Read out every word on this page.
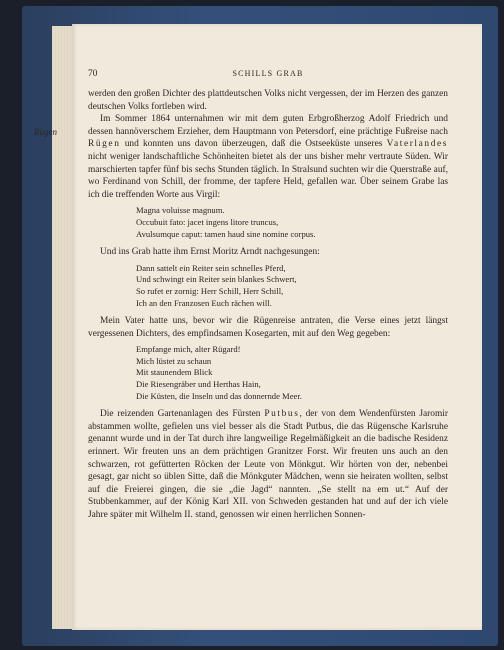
Rügen
70	SCHILLS GRAB

werden den großen Dichter des plattdeutschen Volks nicht vergessen, der im Herzen des ganzen deutschen Volks fortleben wird.

Im Sommer 1864 unternahmen wir mit dem guten Erbgroßherzog Adolf Friedrich und dessen hannöverschem Erzieher, dem Hauptmann von Petersdorf, eine prächtige Fußreise nach Rügen und konnten uns davon überzeugen, daß die Ostseeküste unseres Vaterlandes nicht weniger landschaftliche Schönheiten bietet als der uns bisher mehr vertraute Süden. Wir marschierten tapfer fünf bis sechs Stunden täglich. In Stralsund suchten wir die Querstraße auf, wo Ferdinand von Schill, der fromme, der tapfere Held, gefallen war. Über seinem Grabe las ich die treffenden Worte aus Virgil:

Magna voluisse magnum.
Occubuit fato: jacet ingens litore truncus,
Avulsumque caput: tamen haud sine nomine corpus.

Und ins Grab hatte ihm Ernst Moritz Arndt nachgesungen:

Dann sattelt ein Reiter sein schnelles Pferd,
Und schwingt ein Reiter sein blankes Schwert,
So rufet er zornig: Herr Schill, Herr Schill,
Ich an den Franzosen Euch rächen will.

Mein Vater hatte uns, bevor wir die Rügenreise antraten, die Verse eines jetzt längst vergessenen Dichters, des empfindsamen Kosegarten, mit auf den Weg gegeben:

Empfange mich, alter Rügard!
Mich lüstet zu schaun
Mit staunendem Blick
Die Riesengräber und Herthas Hain,
Die Küsten, die Inseln und das donnernde Meer.

Die reizenden Gartenanlagen des Fürsten Putbus, der von dem Wendenfürsten Jaromir abstammen wollte, gefielen uns viel besser als die Stadt Putbus, die das Rügensche Karlsruhe genannt wurde und in der Tat durch ihre langweilige Regelmäßigkeit an die badische Residenz erinnert. Wir freuten uns an dem prächtigen Granitzer Forst. Wir freuten uns auch an den schwarzen, rot gefütterten Röcken der Leute von Mönkgut. Wir hörten von der, nebenbei gesagt, gar nicht so üblen Sitte, daß die Mönkguter Mädchen, wenn sie heiraten wollten, selbst auf die Freierei gingen, die sie „die Jagd“ nannten. „Se stellt na em ut.“ Auf der Stubbenkammer, auf der König Karl XII. von Schweden gestanden hat und auf der ich viele Jahre später mit Wilhelm II. stand, genossen wir einen herrlichen Sonnen-
